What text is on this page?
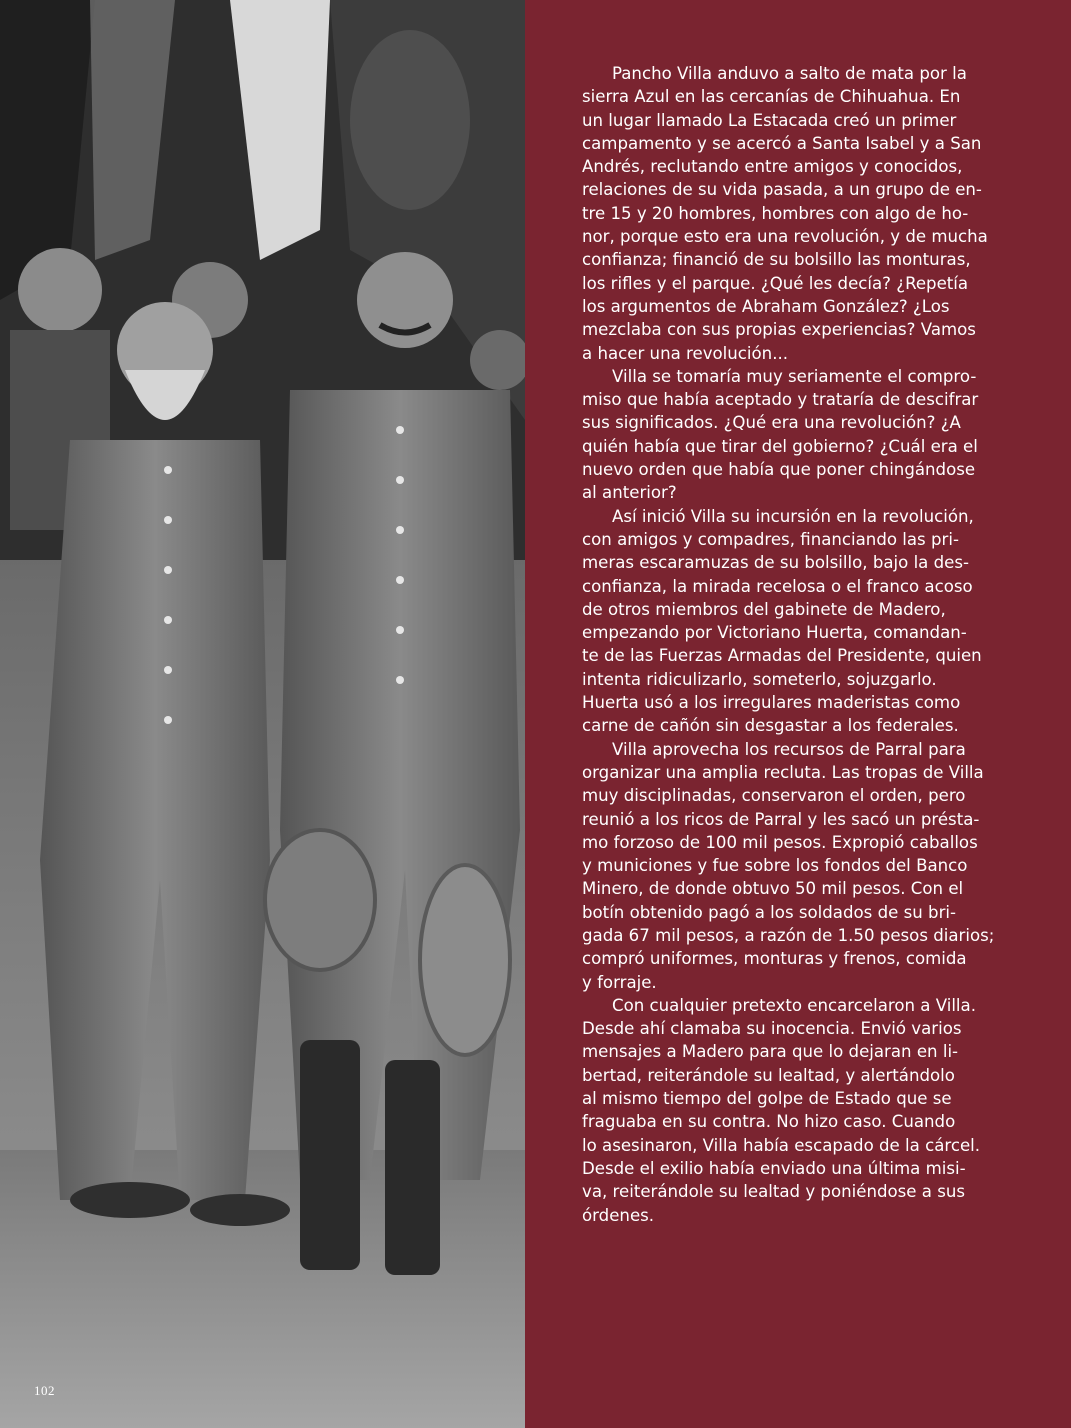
102

Pancho Villa anduvo a salto de mata por la
sierra Azul en las cercanías de Chihuahua. En
un lugar llamado La Estacada creó un primer
campamento y se acercó a Santa Isabel y a San
Andrés, reclutando entre amigos y conocidos,
relaciones de su vida pasada, a un grupo de en-
tre 15 y 20 hombres, hombres con algo de ho-
nor, porque esto era una revolución, y de mucha
confianza; financió de su bolsillo las monturas,
los rifles y el parque. ¿Qué les decía? ¿Repetía
los argumentos de Abraham González? ¿Los
mezclaba con sus propias experiencias? Vamos
a hacer una revolución...

Villa se tomaría muy seriamente el compro-
miso que había aceptado y trataría de descifrar
sus significados. ¿Qué era una revolución? ¿A
quién había que tirar del gobierno? ¿Cuál era el
nuevo orden que había que poner chingándose
al anterior?

Así inició Villa su incursión en la revolución,
con amigos y compadres, financiando las pri-
meras escaramuzas de su bolsillo, bajo la des-
confianza, la mirada recelosa o el franco acoso
de otros miembros del gabinete de Madero,
empezando por Victoriano Huerta, comandan-
te de las Fuerzas Armadas del Presidente, quien
intenta ridiculizarlo, someterlo, sojuzgarlo.
Huerta usó a los irregulares maderistas como
carne de cañón sin desgastar a los federales.

Villa aprovecha los recursos de Parral para
organizar una amplia recluta. Las tropas de Villa
muy disciplinadas, conservaron el orden, pero
reunió a los ricos de Parral y les sacó un présta-
mo forzoso de 100 mil pesos. Expropió caballos
y municiones y fue sobre los fondos del Banco
Minero, de donde obtuvo 50 mil pesos. Con el
botín obtenido pagó a los soldados de su bri-
gada 67 mil pesos, a razón de 1.50 pesos diarios;
compró uniformes, monturas y frenos, comida
y forraje.

Con cualquier pretexto encarcelaron a Villa.
Desde ahí clamaba su inocencia. Envió varios
mensajes a Madero para que lo dejaran en li-
bertad, reiterándole su lealtad, y alertándolo
al mismo tiempo del golpe de Estado que se
fraguaba en su contra. No hizo caso. Cuando
lo asesinaron, Villa había escapado de la cárcel.
Desde el exilio había enviado una última misi-
va, reiterándole su lealtad y poniéndose a sus
órdenes.
